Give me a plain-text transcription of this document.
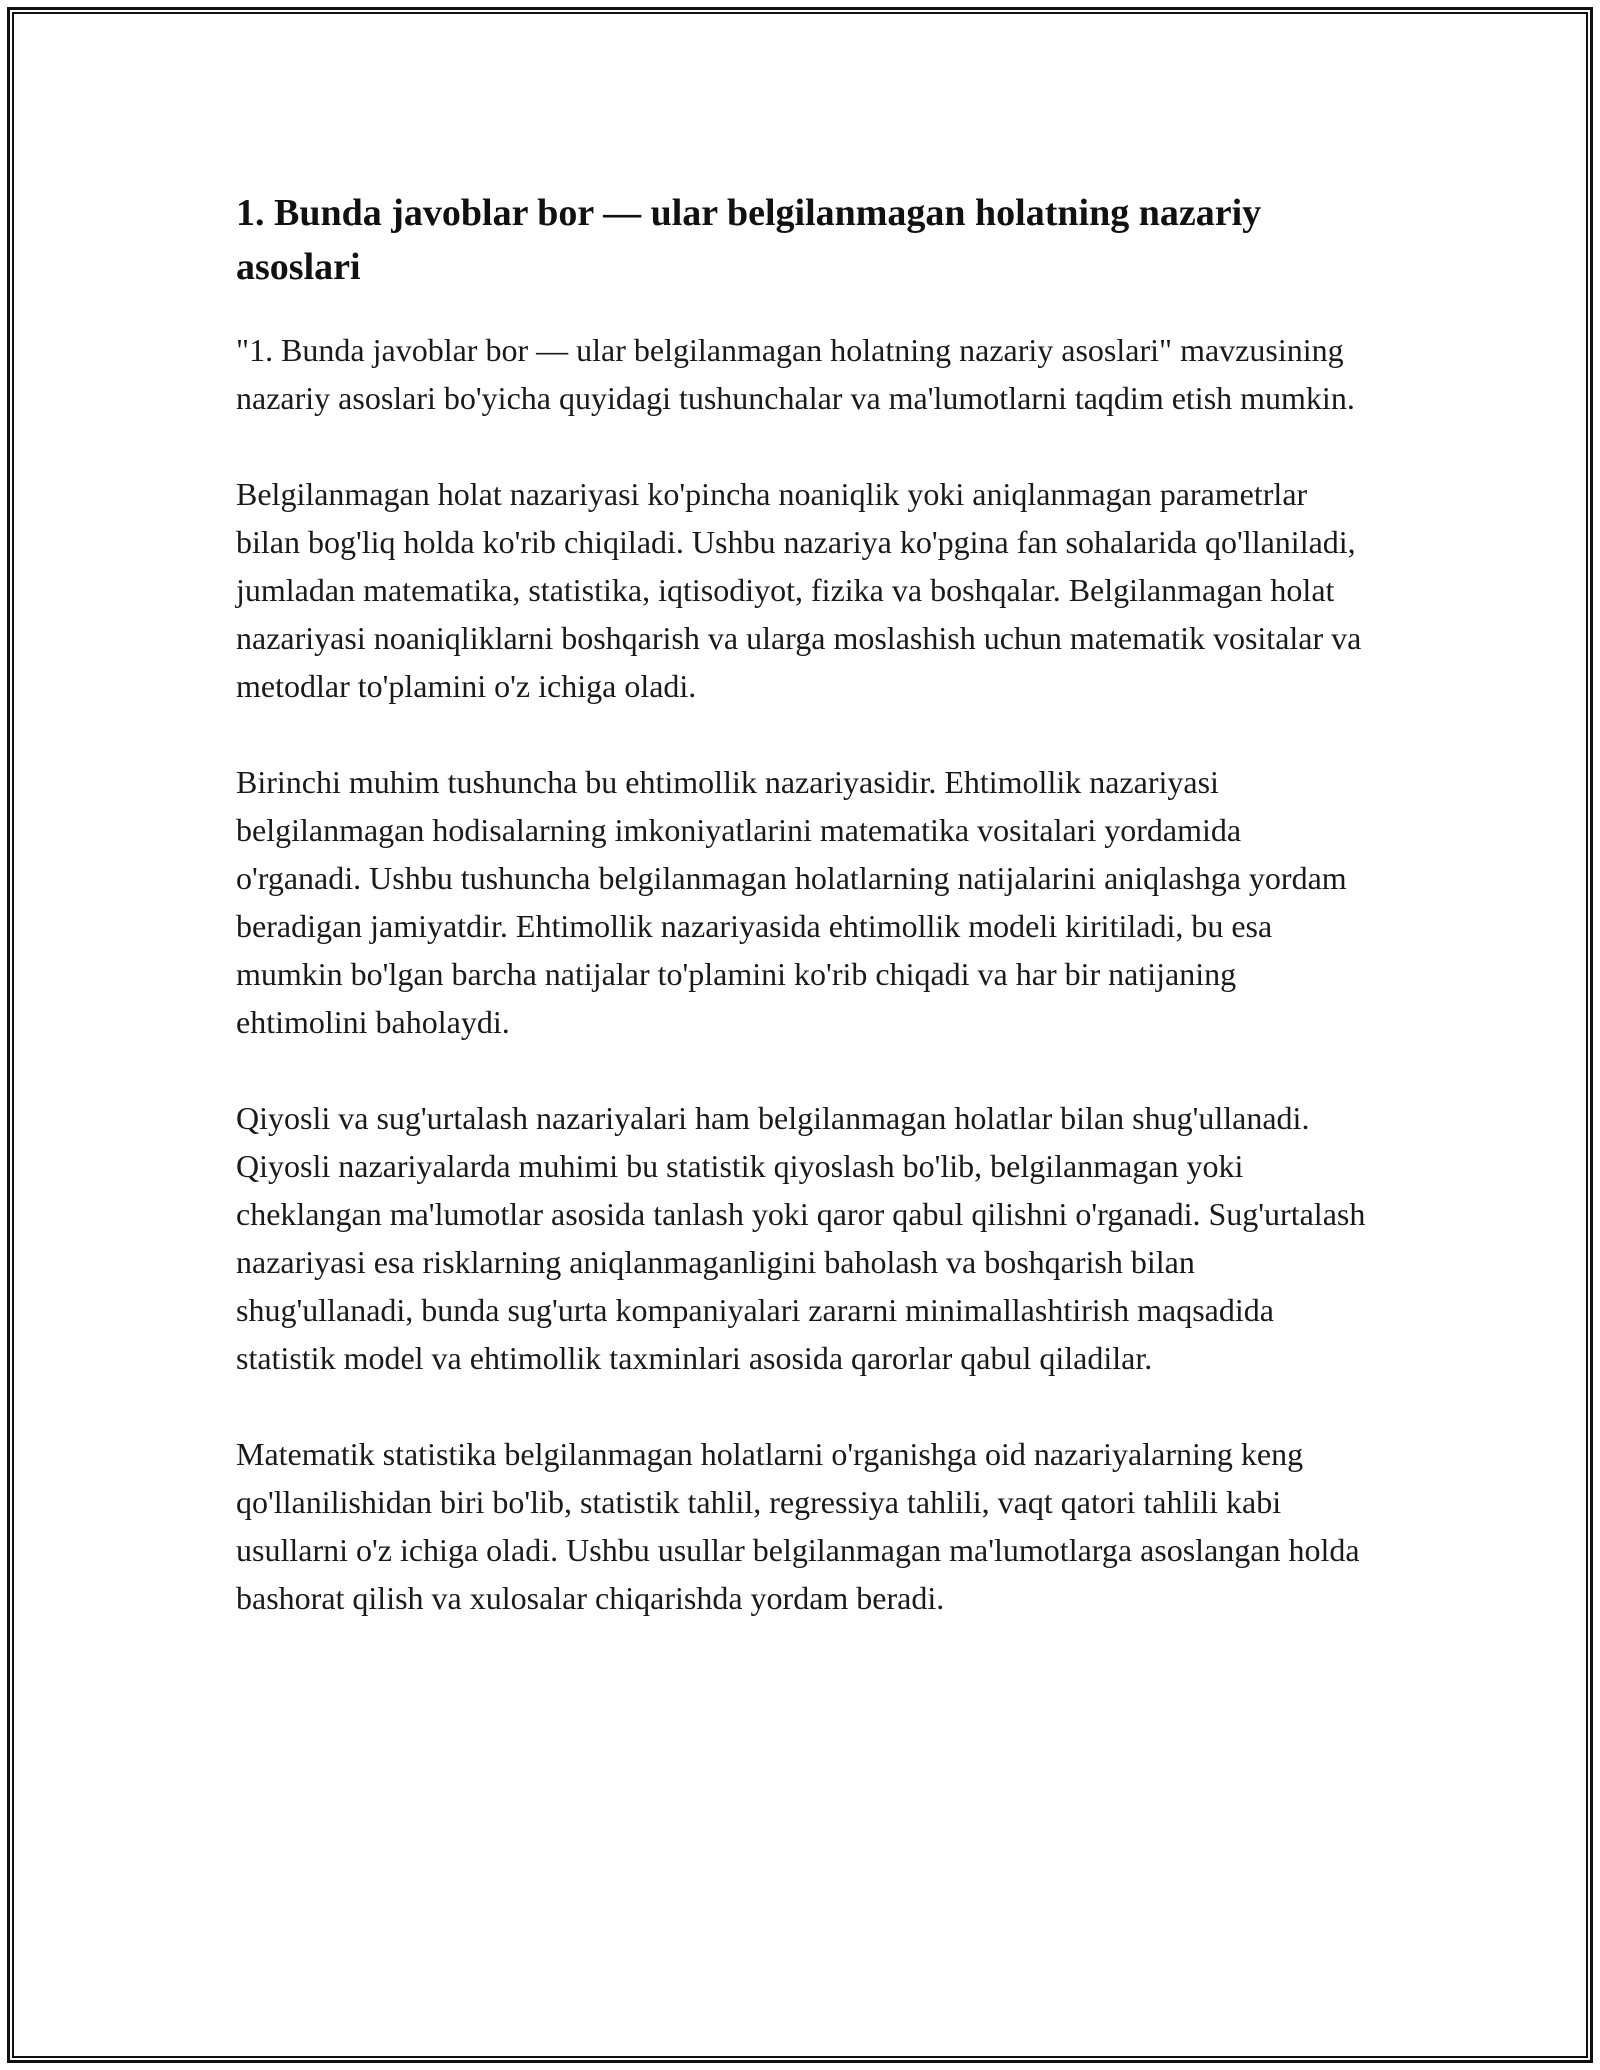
1. Bunda javoblar bor — ular belgilanmagan holatning nazariy asoslari

"1. Bunda javoblar bor — ular belgilanmagan holatning nazariy asoslari" mavzusining nazariy asoslari bo'yicha quyidagi tushunchalar va ma'lumotlarni taqdim etish mumkin.

Belgilanmagan holat nazariyasi ko'pincha noaniqlik yoki aniqlanmagan parametrlar bilan bog'liq holda ko'rib chiqiladi. Ushbu nazariya ko'pgina fan sohalarida qo'llaniladi, jumladan matematika, statistika, iqtisodiyot, fizika va boshqalar. Belgilanmagan holat nazariyasi noaniqliklarni boshqarish va ularga moslashish uchun matematik vositalar va metodlar to'plamini o'z ichiga oladi.

Birinchi muhim tushuncha bu ehtimollik nazariyasidir. Ehtimollik nazariyasi belgilanmagan hodisalarning imkoniyatlarini matematika vositalari yordamida o'rganadi. Ushbu tushuncha belgilanmagan holatlarning natijalarini aniqlashga yordam beradigan jamiyatdir. Ehtimollik nazariyasida ehtimollik modeli kiritiladi, bu esa mumkin bo'lgan barcha natijalar to'plamini ko'rib chiqadi va har bir natijaning ehtimolini baholaydi.

Qiyosli va sug'urtalash nazariyalari ham belgilanmagan holatlar bilan shug'ullanadi. Qiyosli nazariyalarda muhimi bu statistik qiyoslash bo'lib, belgilanmagan yoki cheklangan ma'lumotlar asosida tanlash yoki qaror qabul qilishni o'rganadi. Sug'urtalash nazariyasi esa risklarning aniqlanmaganligini baholash va boshqarish bilan shug'ullanadi, bunda sug'urta kompaniyalari zararni minimallashtirish maqsadida statistik model va ehtimollik taxminlari asosida qarorlar qabul qiladilar.

Matematik statistika belgilanmagan holatlarni o'rganishga oid nazariyalarning keng qo'llanilishidan biri bo'lib, statistik tahlil, regressiya tahlili, vaqt qatori tahlili kabi usullarni o'z ichiga oladi. Ushbu usullar belgilanmagan ma'lumotlarga asoslangan holda bashorat qilish va xulosalar chiqarishda yordam beradi.
